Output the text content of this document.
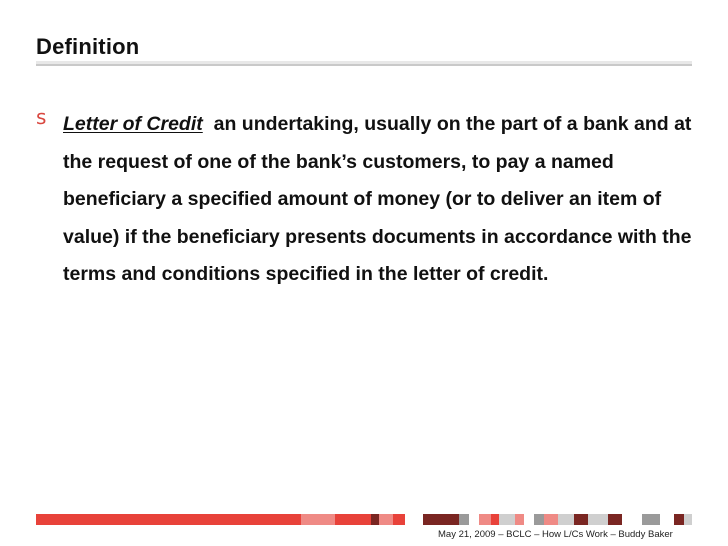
Definition
s Letter of Credit an undertaking, usually on the part of a bank and at the request of one of the bank’s customers, to pay a named beneficiary a specified amount of money (or to deliver an item of value) if the beneficiary presents documents in accordance with the terms and conditions specified in the letter of credit.
May 21, 2009 – BCLC – How L/Cs Work – Buddy Baker
